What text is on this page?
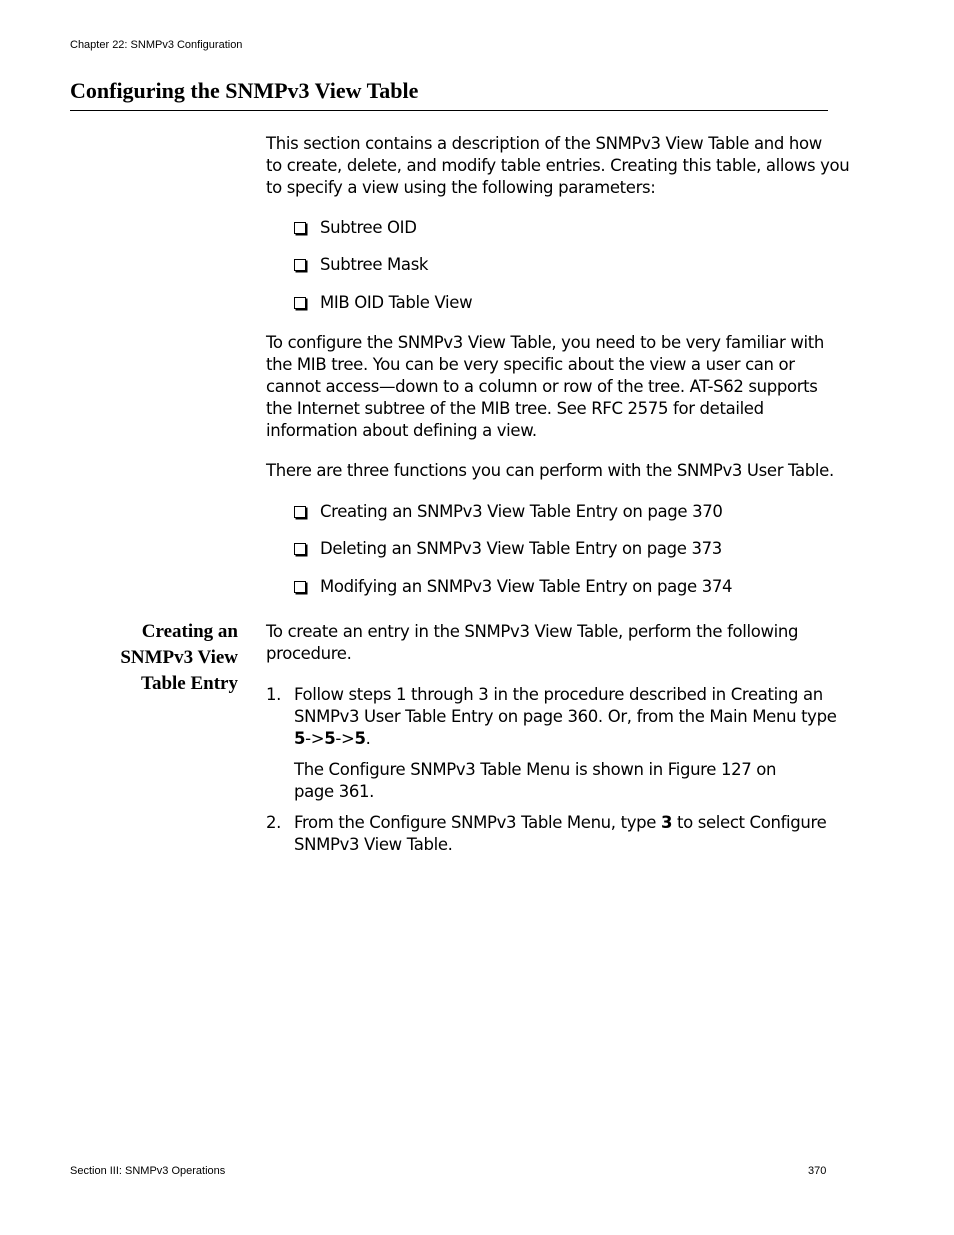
Chapter 22: SNMPv3 Configuration
Configuring the SNMPv3 View Table
This section contains a description of the SNMPv3 View Table and how
to create, delete, and modify table entries. Creating this table, allows you
to specify a view using the following parameters:
Subtree OID
Subtree Mask
MIB OID Table View
To configure the SNMPv3 View Table, you need to be very familiar with
the MIB tree. You can be very specific about the view a user can or
cannot access—down to a column or row of the tree. AT-S62 supports
the Internet subtree of the MIB tree. See RFC 2575 for detailed
information about defining a view.
There are three functions you can perform with the SNMPv3 User Table.
Creating an SNMPv3 View Table Entry on page 370
Deleting an SNMPv3 View Table Entry on page 373
Modifying an SNMPv3 View Table Entry on page 374
Creating an
SNMPv3 View
Table Entry
To create an entry in the SNMPv3 View Table, perform the following
procedure.
1. Follow steps 1 through 3 in the procedure described in Creating an
SNMPv3 User Table Entry on page 360. Or, from the Main Menu type
5->5->5.
The Configure SNMPv3 Table Menu is shown in Figure 127 on
page 361.
2. From the Configure SNMPv3 Table Menu, type 3 to select Configure
SNMPv3 View Table.
Section III: SNMPv3 Operations	370
